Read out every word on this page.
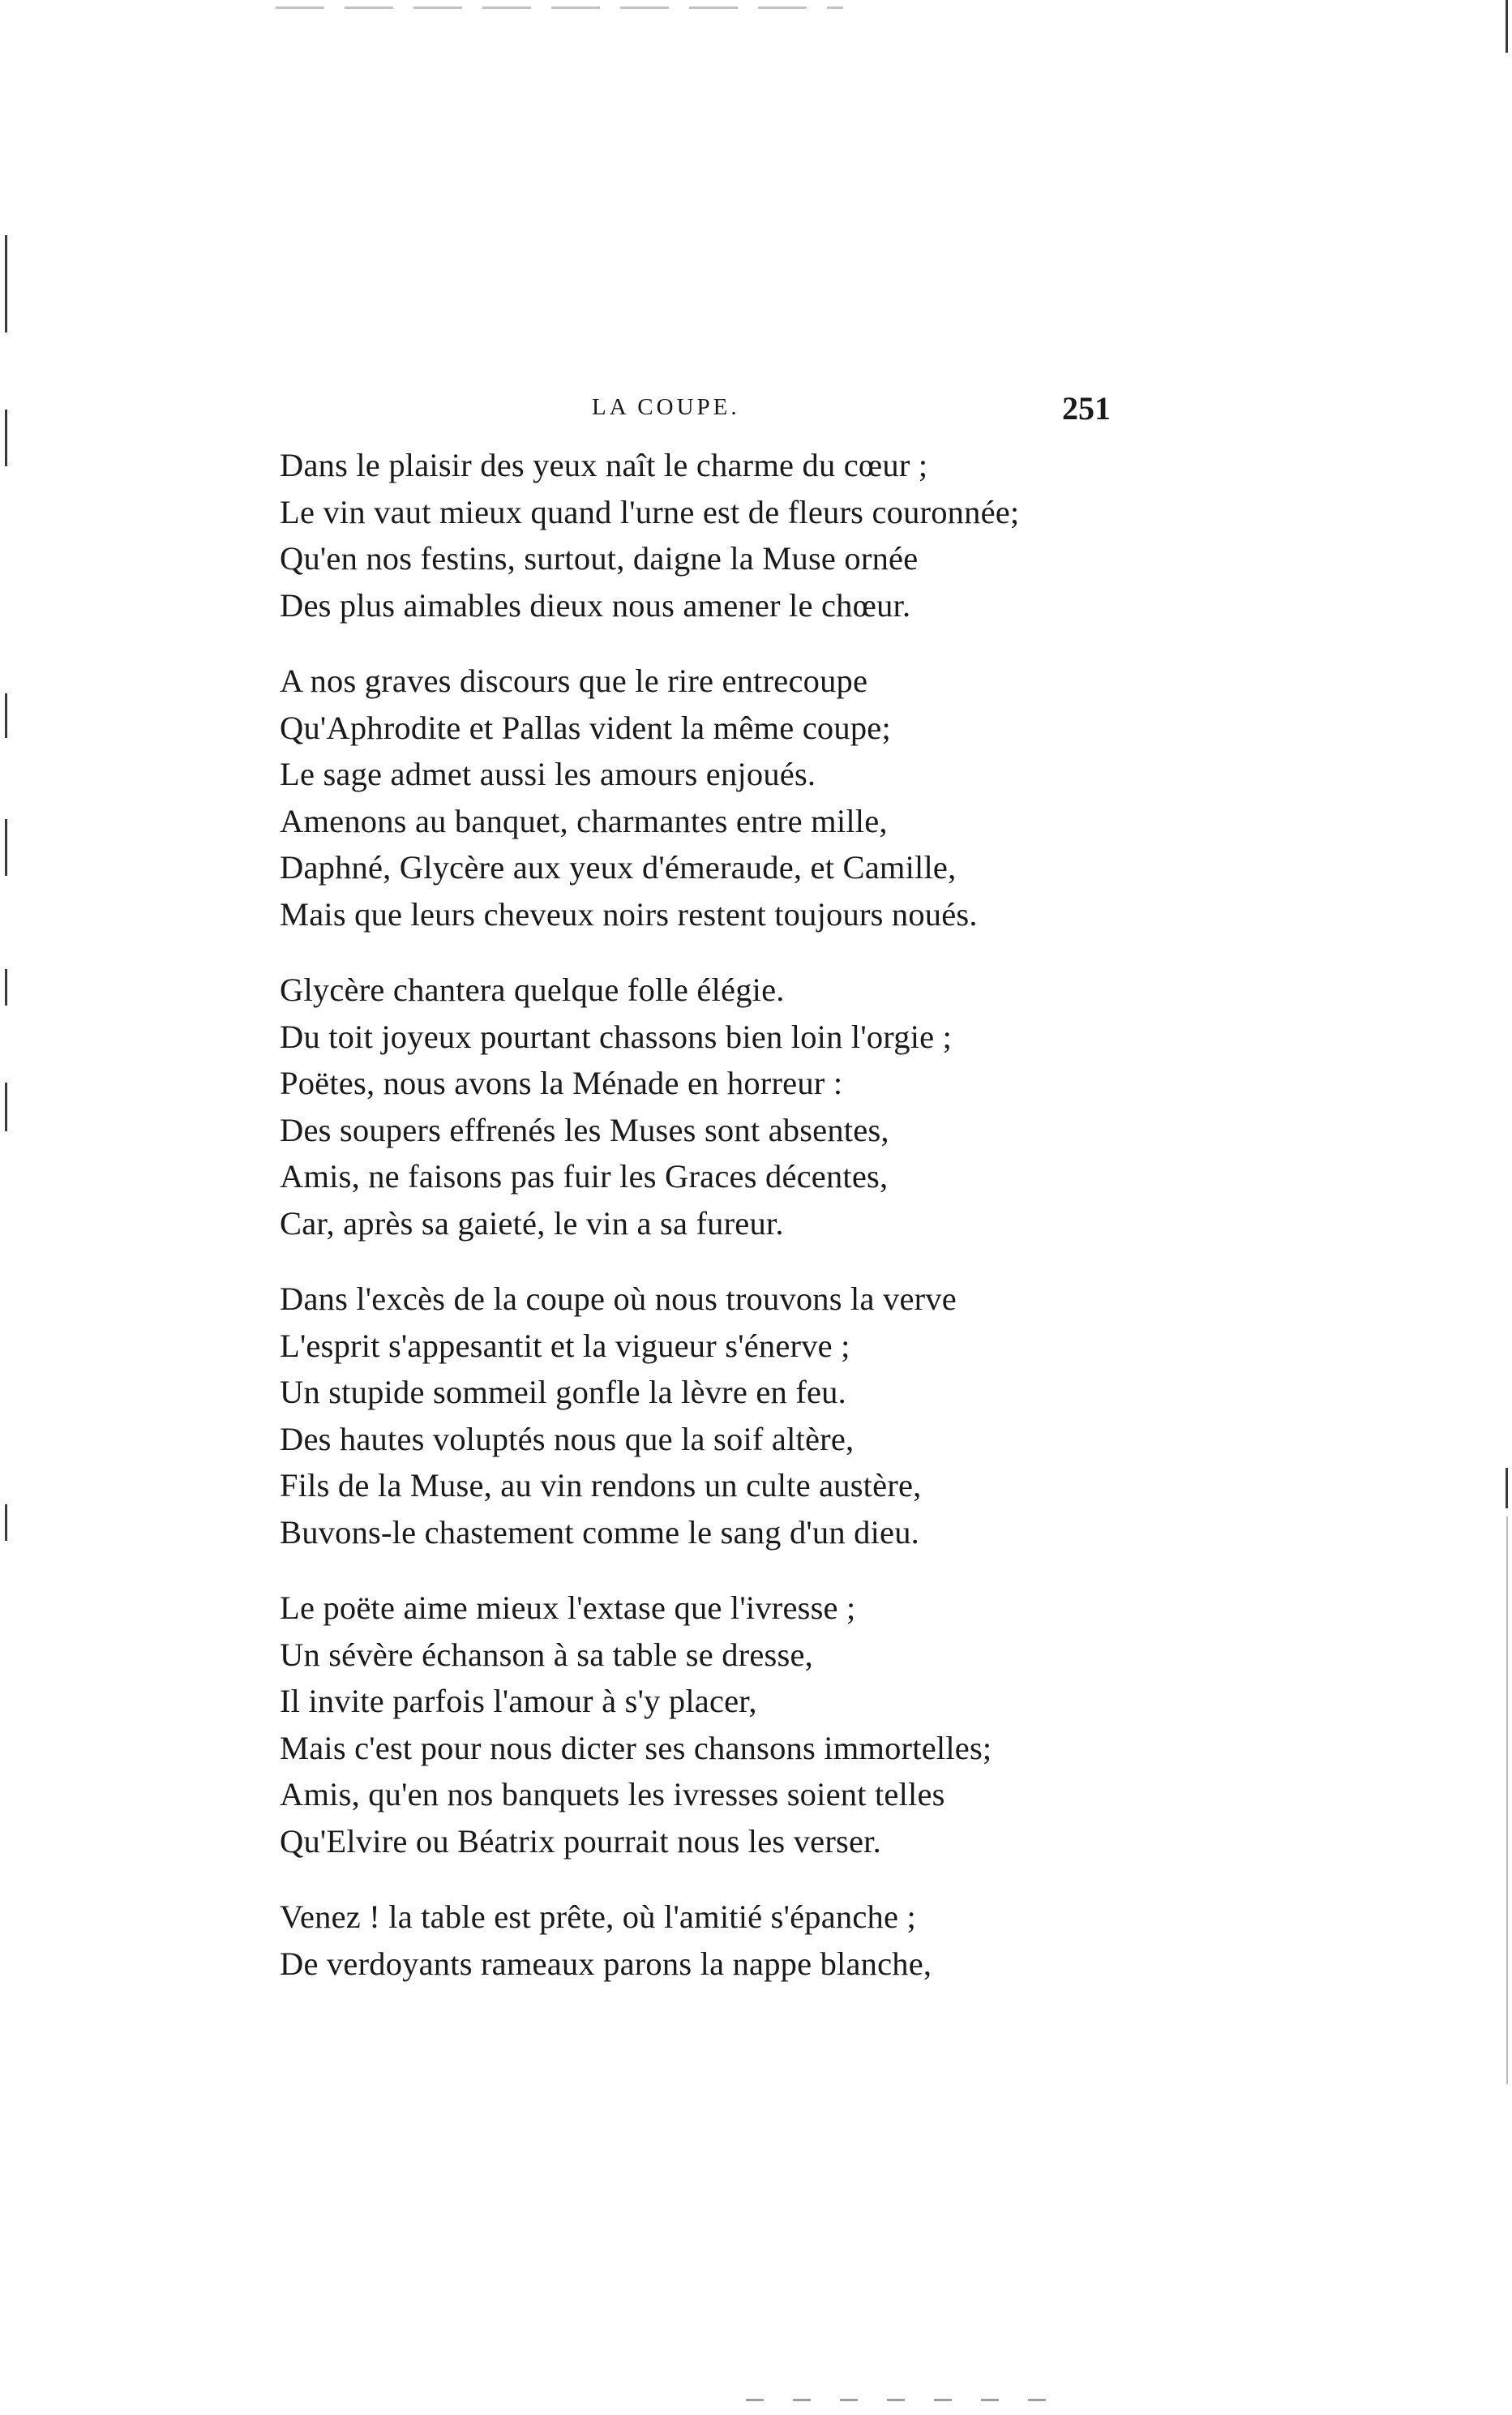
LA COUPE.	251
Dans le plaisir des yeux naît le charme du cœur ;
Le vin vaut mieux quand l'urne est de fleurs couronnée;
Qu'en nos festins, surtout, daigne la Muse ornée
Des plus aimables dieux nous amener le chœur.
A nos graves discours que le rire entrecoupe
Qu'Aphrodite et Pallas vident la même coupe;
Le sage admet aussi les amours enjoués.
Amenons au banquet, charmantes entre mille,
Daphné, Glycère aux yeux d'émeraude, et Camille,
Mais que leurs cheveux noirs restent toujours noués.
Glycère chantera quelque folle élégie.
Du toit joyeux pourtant chassons bien loin l'orgie ;
Poëtes, nous avons la Ménade en horreur :
Des soupers effrenés les Muses sont absentes,
Amis, ne faisons pas fuir les Graces décentes,
Car, après sa gaieté, le vin a sa fureur.
Dans l'excès de la coupe où nous trouvons la verve
L'esprit s'appesantit et la vigueur s'énerve ;
Un stupide sommeil gonfle la lèvre en feu.
Des hautes voluptés nous que la soif altère,
Fils de la Muse, au vin rendons un culte austère,
Buvons-le chastement comme le sang d'un dieu.
Le poëte aime mieux l'extase que l'ivresse ;
Un sévère échanson à sa table se dresse,
Il invite parfois l'amour à s'y placer,
Mais c'est pour nous dicter ses chansons immortelles;
Amis, qu'en nos banquets les ivresses soient telles
Qu'Elvire ou Béatrix pourrait nous les verser.
Venez ! la table est prête, où l'amitié s'épanche ;
De verdoyants rameaux parons la nappe blanche,
